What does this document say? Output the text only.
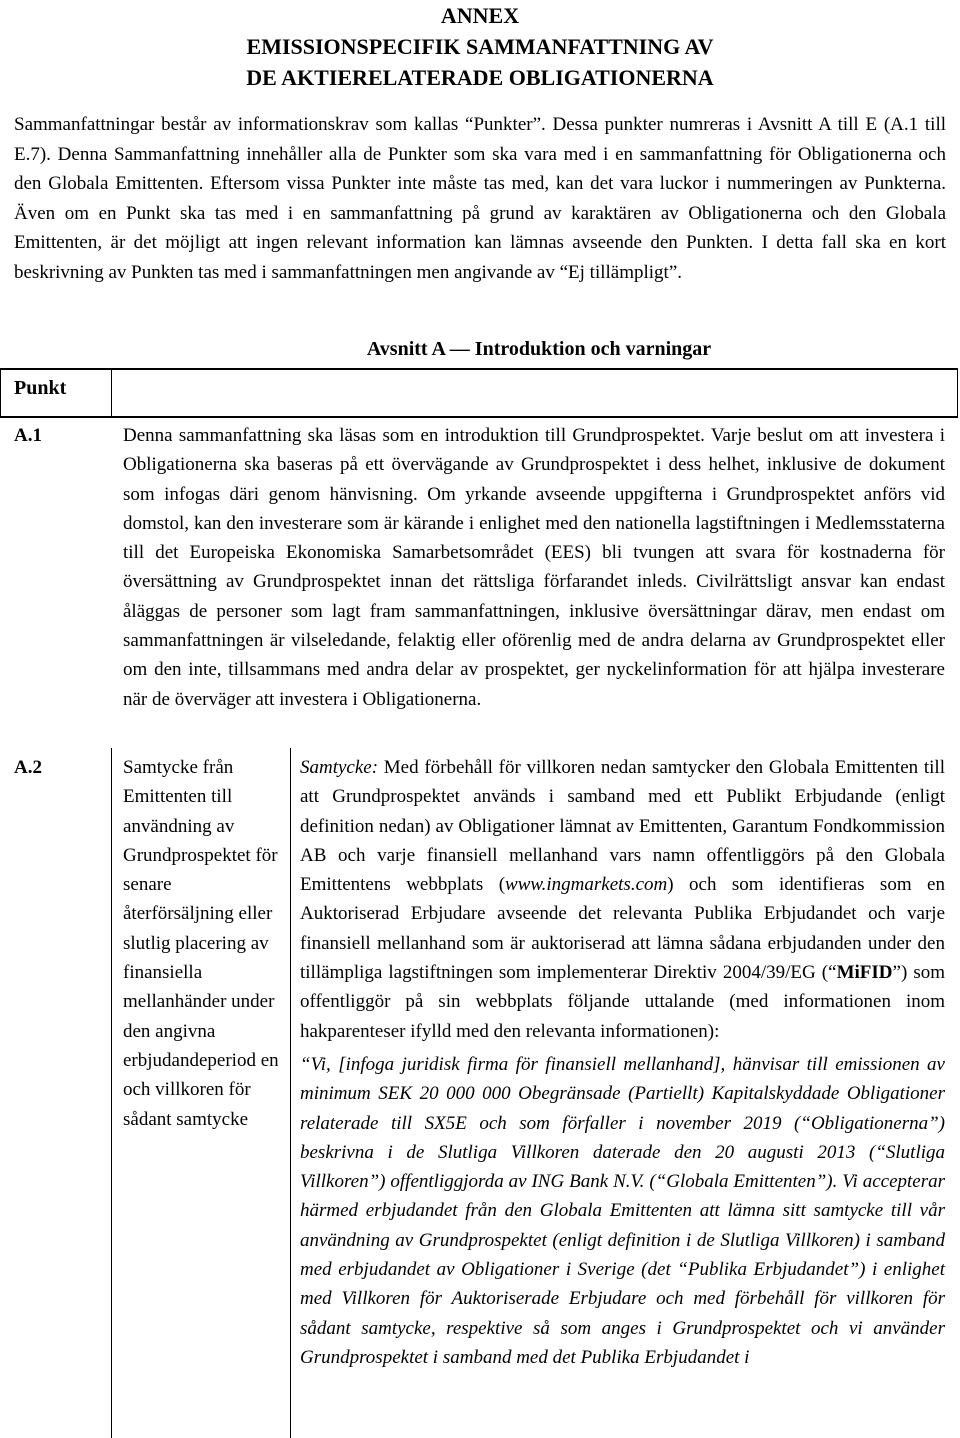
ANNEX
EMISSIONSPECIFIK SAMMANFATTNING AV
DE AKTIERELATERADE OBLIGATIONERNA

Sammanfattningar består av informationskrav som kallas “Punkter”. Dessa punkter numreras i Avsnitt A till E (A.1 till E.7). Denna Sammanfattning innehåller alla de Punkter som ska vara med i en sammanfattning för Obligationerna och den Globala Emittenten. Eftersom vissa Punkter inte måste tas med, kan det vara luckor i nummeringen av Punkterna. Även om en Punkt ska tas med i en sammanfattning på grund av karaktären av Obligationerna och den Globala Emittenten, är det möjligt att ingen relevant information kan lämnas avseende den Punkten. I detta fall ska en kort beskrivning av Punkten tas med i sammanfattningen men angivande av “Ej tillämpligt”.

Avsnitt A — Introduktion och varningar
Punkt
A.1	Denna sammanfattning ska läsas som en introduktion till Grundprospektet. Varje beslut om att investera i Obligationerna ska baseras på ett övervägande av Grundprospektet i dess helhet, inklusive de dokument som infogas däri genom hänvisning. Om yrkande avseende uppgifterna i Grundprospektet anförs vid domstol, kan den investerare som är kärande i enlighet med den nationella lagstiftningen i Medlemsstaterna till det Europeiska Ekonomiska Samarbetsområdet (EES) bli tvungen att svara för kostnaderna för översättning av Grundprospektet innan det rättsliga förfarandet inleds. Civilrättsligt ansvar kan endast åläggas de personer som lagt fram sammanfattningen, inklusive översättningar därav, men endast om sammanfattningen är vilseledande, felaktig eller oförenlig med de andra delarna av Grundprospektet eller om den inte, tillsammans med andra delar av prospektet, ger nyckelinformation för att hjälpa investerare när de överväger att investera i Obligationerna.

A.2	Samtycke från Emittenten till användning av Grundprospektet för senare återförsäljning eller slutlig placering av finansiella mellanhänder under den angivna erbjudandeperiod en och villkoren för sådant samtycke

Samtycke: Med förbehåll för villkoren nedan samtycker den Globala Emittenten till att Grundprospektet används i samband med ett Publikt Erbjudande (enligt definition nedan) av Obligationer lämnat av Emittenten, Garantum Fondkommission AB och varje finansiell mellanhand vars namn offentliggörs på den Globala Emittentens webbplats (www.ingmarkets.com) och som identifieras som en Auktoriserad Erbjudare avseende det relevanta Publika Erbjudandet och varje finansiell mellanhand som är auktoriserad att lämna sådana erbjudanden under den tillämpliga lagstiftningen som implementerar Direktiv 2004/39/EG (“MiFID”) som offentliggör på sin webbplats följande uttalande (med informationen inom hakparenteser ifylld med den relevanta informationen):

“Vi, [infoga juridisk firma för finansiell mellanhand], hänvisar till emissionen av minimum SEK 20 000 000 Obegränsade (Partiellt) Kapitalskyddade Obligationer relaterade till SX5E och som förfaller i november 2019 (“Obligationerna”) beskrivna i de Slutliga Villkoren daterade den 20 augusti 2013 (“Slutliga Villkoren”) offentliggjorda av ING Bank N.V. (“Globala Emittenten”). Vi accepterar härmed erbjudandet från den Globala Emittenten att lämna sitt samtycke till vår användning av Grundprospektet (enligt definition i de Slutliga Villkoren) i samband med erbjudandet av Obligationer i Sverige (det “Publika Erbjudandet”) i enlighet med Villkoren för Auktoriserade Erbjudare och med förbehåll för villkoren för sådant samtycke, respektive så som anges i Grundprospektet och vi använder Grundprospektet i samband med det Publika Erbjudandet i
